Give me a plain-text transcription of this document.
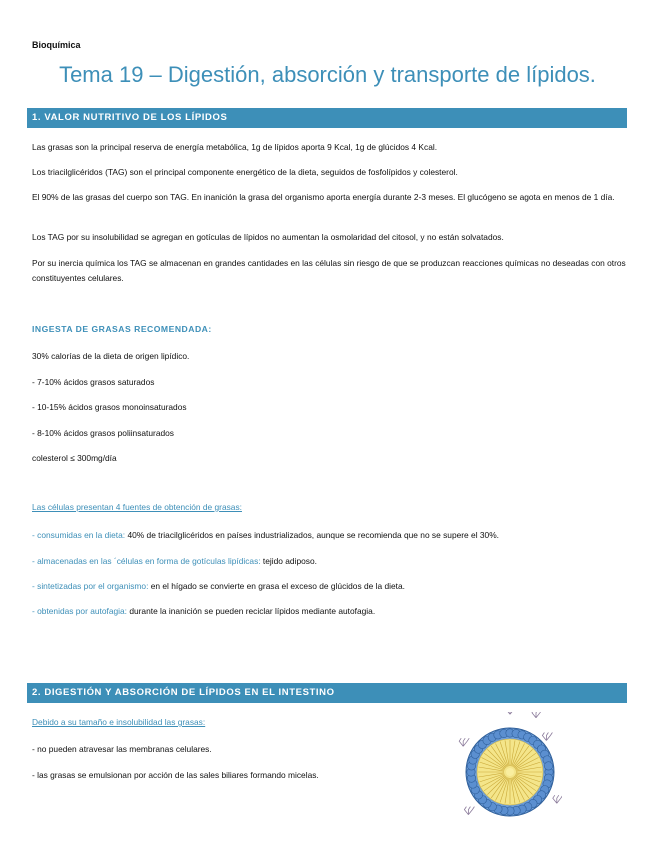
Bioquímica
Tema 19 – Digestión, absorción y transporte de lípidos.
1. VALOR NUTRITIVO DE LOS LÍPIDOS
Las grasas son la principal reserva de energía metabólica, 1g de lípidos aporta 9 Kcal, 1g de glúcidos 4 Kcal.
Los triacilglicéridos (TAG) son el principal componente energético de la dieta, seguidos de fosfolípidos y colesterol.
El 90% de las grasas del cuerpo son TAG. En inanición la grasa del organismo aporta energía durante 2-3 meses. El glucógeno se agota en menos de 1 día.
Los TAG por su insolubilidad se agregan en gotículas de lípidos no aumentan la osmolaridad del citosol, y no están solvatados.
Por su inercia química los TAG se almacenan en grandes cantidades en las células sin riesgo de que se produzcan reacciones químicas no deseadas con otros constituyentes celulares.
INGESTA DE GRASAS RECOMENDADA:
30% calorías de la dieta de origen lipídico.
- 7-10% ácidos grasos saturados
- 10-15% ácidos grasos monoinsaturados
- 8-10% ácidos grasos poliinsaturados
colesterol ≤ 300mg/día
Las células presentan 4 fuentes de obtención de grasas:
- consumidas en la dieta: 40% de triacilglicéridos en países industrializados, aunque se recomienda que no se supere el 30%.
- almacenadas en las ´células en forma de gotículas lipídicas: tejido adiposo.
- sintetizadas por el organismo: en el hígado se convierte en grasa el exceso de glúcidos de la dieta.
- obtenidas por autofagia: durante la inanición se pueden reciclar lípidos mediante autofagia.
2. DIGESTIÓN Y ABSORCIÓN DE LÍPIDOS EN EL INTESTINO
Debido a su tamaño e insolubilidad las grasas:
- no pueden atravesar las membranas celulares.
- las grasas se emulsionan por acción de las sales biliares formando micelas.
